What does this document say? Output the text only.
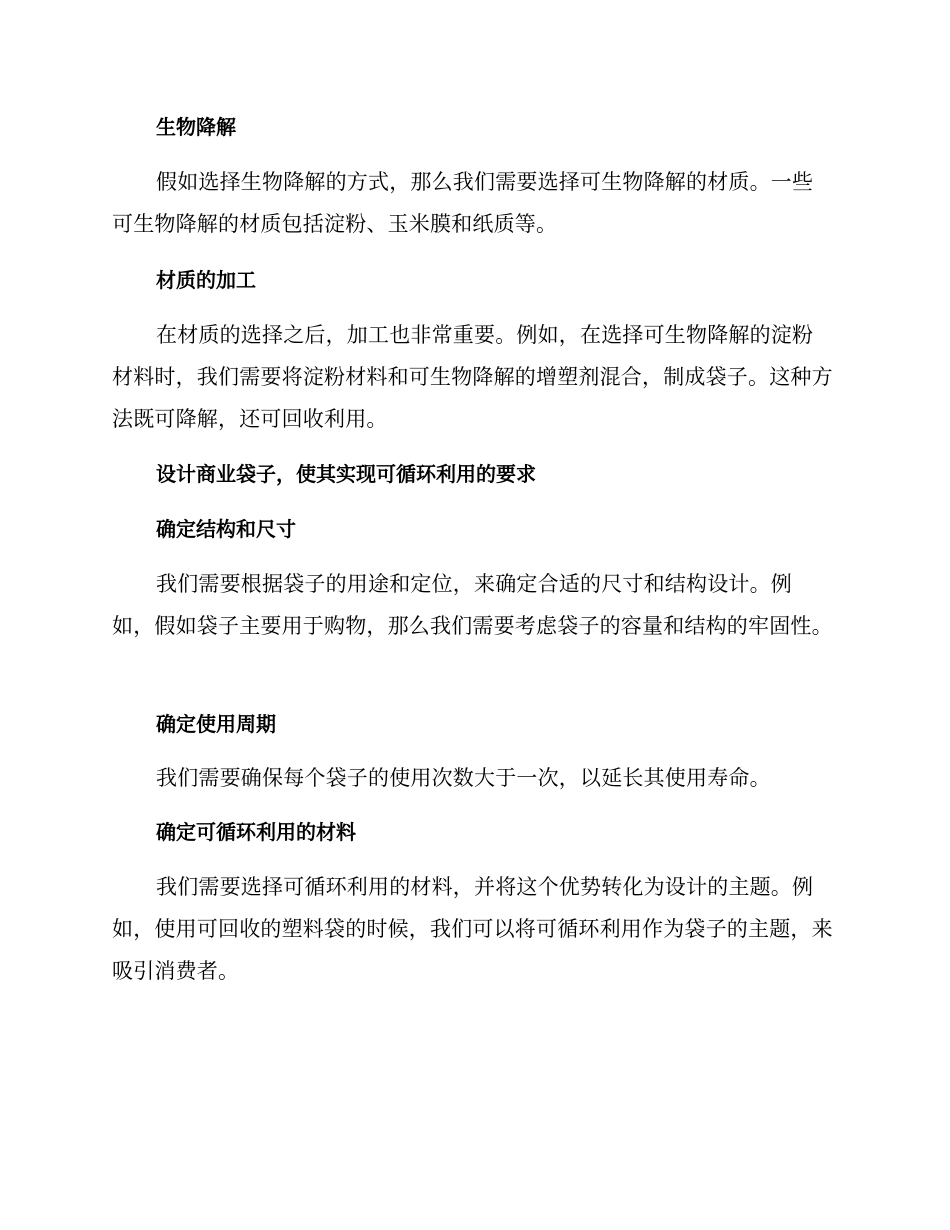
生物降解

假如选择生物降解的方式，那么我们需要选择可生物降解的材质。一些可生物降解的材质包括淀粉、玉米膜和纸质等。

材质的加工

在材质的选择之后，加工也非常重要。例如，在选择可生物降解的淀粉材料时，我们需要将淀粉材料和可生物降解的增塑剂混合，制成袋子。这种方法既可降解，还可回收利用。

设计商业袋子，使其实现可循环利用的要求
确定结构和尺寸

我们需要根据袋子的用途和定位，来确定合适的尺寸和结构设计。例如，假如袋子主要用于购物，那么我们需要考虑袋子的容量和结构的牢固性。

确定使用周期

我们需要确保每个袋子的使用次数大于一次，以延长其使用寿命。

确定可循环利用的材料

我们需要选择可循环利用的材料，并将这个优势转化为设计的主题。例如，使用可回收的塑料袋的时候，我们可以将可循环利用作为袋子的主题，来吸引消费者。
